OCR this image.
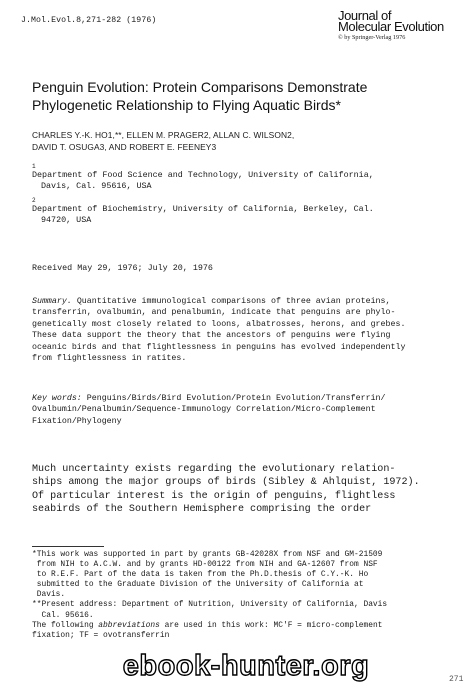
J.Mol.Evol.8,271-282 (1976)	Journal of
Molecular Evolution
© by Springer-Verlag 1976
Penguin Evolution: Protein Comparisons Demonstrate
Phylogenetic Relationship to Flying Aquatic Birds*
CHARLES Y.-K. HO1,**, ELLEN M. PRAGER2, ALLAN C. WILSON2,
DAVID T. OSUGA3, AND ROBERT E. FEENEY3
1
Department of Food Science and Technology, University of California,
Davis, Cal. 95616, USA
2
Department of Biochemistry, University of California, Berkeley, Cal.
94720, USA
Received May 29, 1976; July 20, 1976
Summary. Quantitative immunological comparisons of three avian proteins,
transferrin, ovalbumin, and penalbumin, indicate that penguins are phylo-
genetically most closely related to loons, albatrosses, herons, and grebes.
These data support the theory that the ancestors of penguins were flying
oceanic birds and that flightlessness in penguins has evolved independently
from flightlessness in ratites.
Key words: Penguins/Birds/Bird Evolution/Protein Evolution/Transferrin/
Ovalbumin/Penalbumin/Sequence-Immunology Correlation/Micro-Complement
Fixation/Phylogeny
Much uncertainty exists regarding the evolutionary relation-
ships among the major groups of birds (Sibley & Ahlquist, 1972).
Of particular interest is the origin of penguins, flightless
seabirds of the Southern Hemisphere comprising the order
*This work was supported in part by grants GB-42028X from NSF and GM-21509
from NIH to A.C.W. and by grants HD-00122 from NIH and GA-12607 from NSF
to R.E.F. Part of the data is taken from the Ph.D.thesis of C.Y.-K. Ho
submitted to the Graduate Division of the University of California at
Davis.
**Present address: Department of Nutrition, University of California, Davis
Cal. 95616.
The following abbreviations are used in this work: MC'F = micro-complement
fixation; TF = ovotransferrin
ebook-hunter.org	271
